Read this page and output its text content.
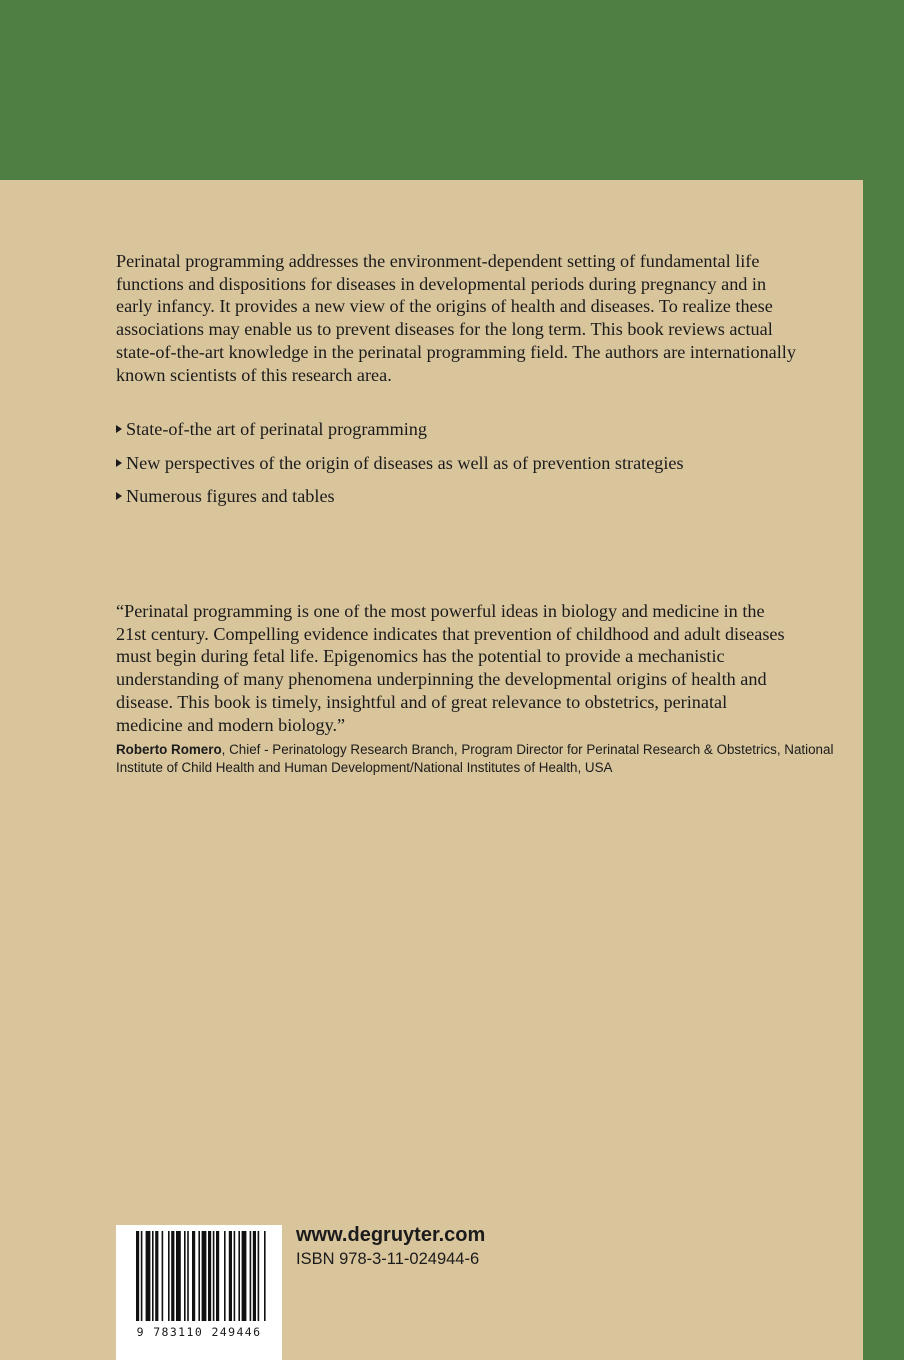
Perinatal programming addresses the environment-dependent setting of fundamental life functions and dispositions for diseases in developmental periods during pregnancy and in early infancy. It provides a new view of the origins of health and diseases. To realize these associations may enable us to prevent diseases for the long term. This book reviews actual state-of-the-art knowledge in the perinatal programming field. The authors are internationally known scientists of this research area.

State-of-the art of perinatal programming
New perspectives of the origin of diseases as well as of prevention strategies
Numerous figures and tables

“Perinatal programming is one of the most powerful ideas in biology and medicine in the 21st century. Compelling evidence indicates that prevention of childhood and adult diseases must begin during fetal life. Epigenomics has the potential to provide a mechanistic understanding of many phenomena underpinning the developmental origins of health and disease. This book is timely, insightful and of great relevance to obstetrics, perinatal medicine and modern biology.”

Roberto Romero, Chief - Perinatology Research Branch, Program Director for Perinatal Research & Obstetrics, National Institute of Child Health and Human Development/National Institutes of Health, USA

9 783110 249446
www.degruyter.com
ISBN 978-3-11-024944-6
